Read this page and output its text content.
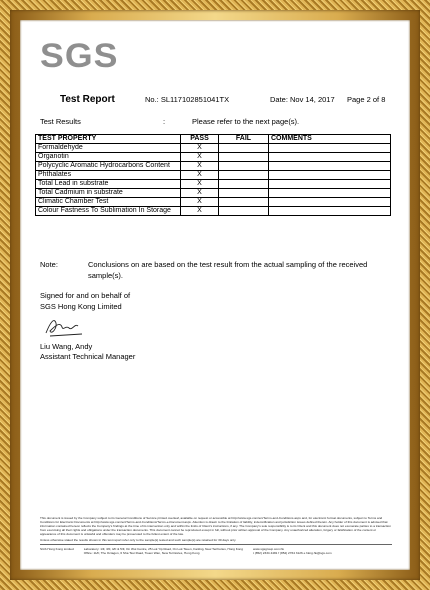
SGS
Test Report	No.: SL117102851041TX	Date: Nov 14, 2017 Page 2 of 8
Test Results	:	Please refer to the next page(s).
TEST PROPERTY	PASS	FAIL	COMMENTS
Formaldehyde	X		
Organotin	X		
Polycyclic Aromatic Hydrocarbons Content	X		
Phthalates	X		
Total Lead in substrate	X		
Total Cadmium in substrate	X		
Climatic Chamber Test	X		
Colour Fastness To Sublimation In Storage	X		
Note:	Conclusions on are based on the test result from the actual sampling of the received sample(s).
Signed for and on behalf of
SGS Hong Kong Limited
Liu Wang, Andy
Assistant Technical Manager
This document is issued by the Company subject to its General Conditions of Service printed overleaf, available on request or accessible at http://www.sgs.com/en/Terms-and-Conditions.aspx and, for electronic format documents, subject to Terms and Conditions for Electronic Documents at http://www.sgs.com/en/Terms-and-Conditions/Terms-e-Document.aspx. Attention is drawn to the limitation of liability, indemnification and jurisdiction issues defined therein. Any holder of this document is advised that information contained hereon reflects the Company's findings at the time of its intervention only and within the limits of Client's instructions, if any. The Company's sole responsibility is to its Client and this document does not exonerate parties to a transaction from exercising all their rights and obligations under the transaction documents. This document cannot be reproduced except in full, without prior written approval of the Company. Any unauthorized alteration, forgery or falsification of the content or appearance of this document is unlawful and offenders may be prosecuted to the fullest extent of the law.
Unless otherwise stated the results shown in this test report refer only to the sample(s) tested and such sample(s) are retained for 30 days only.
SGS Hong Kong Limited	Laboratory: 1/F, 3/F, 4/F & 5/F, On Wui Centre, 25 Lok Yip Road, On Lok Tsuen, Fanling, New Territories, Hong Kong
Office: 11/F, The Octagon, 6 Sha Tsui Road, Tsuen Wan, New Territories, Hong Kong
www.sgsgroup.com.hk
t (852) 2334 4481 f (852) 2764 3126 e hkng.hk@sgs.com
